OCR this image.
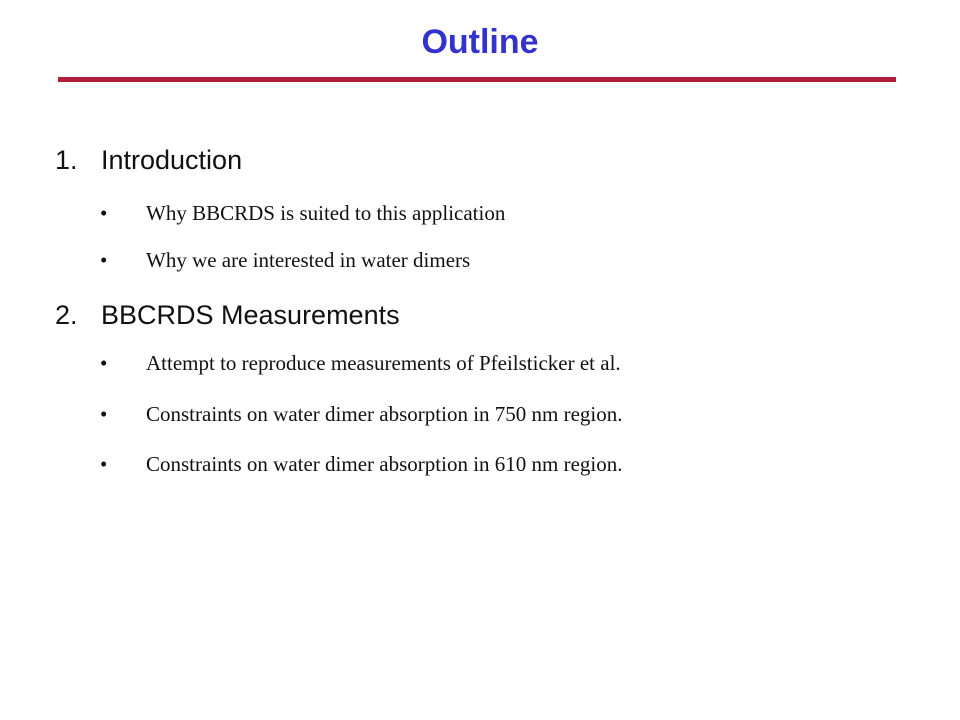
Outline
1. Introduction
• Why BBCRDS is suited to this application
• Why we are interested in water dimers
2. BBCRDS Measurements
• Attempt to reproduce measurements of Pfeilsticker et al.
• Constraints on water dimer absorption in 750 nm region.
• Constraints on water dimer absorption in 610 nm region.
